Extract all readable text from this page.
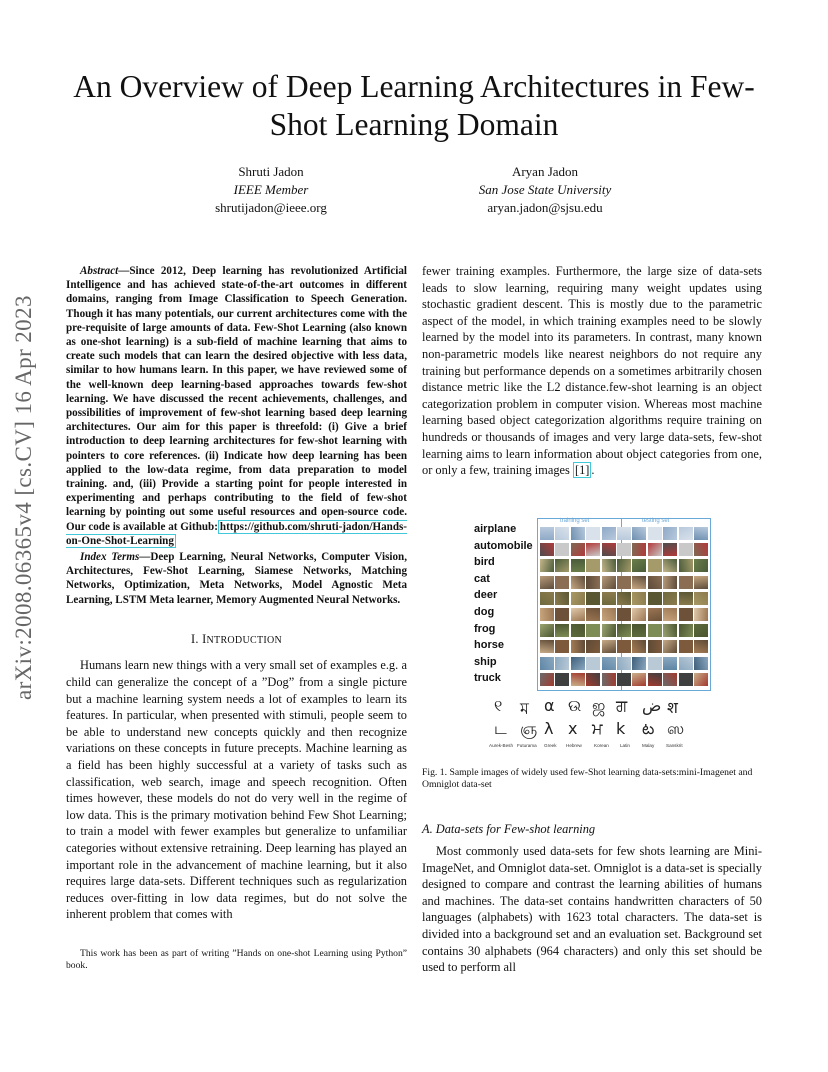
arXiv:2008.06365v4 [cs.CV] 16 Apr 2023
An Overview of Deep Learning Architectures in Few-Shot Learning Domain
Shruti Jadon
IEEE Member
shrutijadon@ieee.org
Aryan Jadon
San Jose State University
aryan.jadon@sjsu.edu

Abstract—Since 2012, Deep learning has revolutionized Artificial Intelligence and has achieved state-of-the-art outcomes in different domains, ranging from Image Classification to Speech Generation. Though it has many potentials, our current architectures come with the pre-requisite of large amounts of data. Few-Shot Learning (also known as one-shot learning) is a sub-field of machine learning that aims to create such models that can learn the desired objective with less data, similar to how humans learn. In this paper, we have reviewed some of the well-known deep learning-based approaches towards few-shot learning. We have discussed the recent achievements, challenges, and possibilities of improvement of few-shot learning based deep learning architectures. Our aim for this paper is threefold: (i) Give a brief introduction to deep learning architectures for few-shot learning with pointers to core references. (ii) Indicate how deep learning has been applied to the low-data regime, from data preparation to model training. and, (iii) Provide a starting point for people interested in experimenting and perhaps contributing to the field of few-shot learning by pointing out some useful resources and open-source code. Our code is available at Github: https://github.com/shruti-jadon/Hands-on-One-Shot-Learning

Index Terms—Deep Learning, Neural Networks, Computer Vision, Architectures, Few-Shot Learning, Siamese Networks, Matching Networks, Optimization, Meta Networks, Model Agnostic Meta Learning, LSTM Meta learner, Memory Augmented Neural Networks.

I. INTRODUCTION

Humans learn new things with a very small set of examples e.g. a child can generalize the concept of a ”Dog” from a single picture but a machine learning system needs a lot of examples to learn its features. In particular, when presented with stimuli, people seem to be able to understand new concepts quickly and then recognize variations on these concepts in future precepts. Machine learning as a field has been highly successful at a variety of tasks such as classification, web search, image and speech recognition. Often times however, these models do not do very well in the regime of low data. This is the primary motivation behind Few Shot Learning; to train a model with fewer examples but generalize to unfamiliar categories without extensive retraining. Deep learning has played an important role in the advancement of machine learning, but it also requires large data-sets. Different techniques such as regularization reduces over-fitting in low data regimes, but do not solve the inherent problem that comes with

This work has been as part of writing ”Hands on one-shot Learning using Python” book.

fewer training examples. Furthermore, the large size of data-sets leads to slow learning, requiring many weight updates using stochastic gradient descent. This is mostly due to the parametric aspect of the model, in which training examples need to be slowly learned by the model into its parameters. In contrast, many known non-parametric models like nearest neighbors do not require any training but performance depends on a sometimes arbitrarily chosen distance metric like the L2 distance.few-shot learning is an object categorization problem in computer vision. Whereas most machine learning based object categorization algorithms require training on hundreds or thousands of images and very large data-sets, few-shot learning aims to learn information about object categories from one, or only a few, training images [1] .

airplane
automobile
bird
cat
deer
dog
frog
horse
ship
truck
training set	testing set
୧ ম α ଉ ஜ ਗ ض श
ட ஞ λ х ਮ k ట ஸ
Aurek-Besh Futurama Greek Hebrew	Korean Latin	Malay	Sanskrit
Fig. 1. Sample images of widely used few-Shot learning data-sets:mini-Imagenet and Omniglot data-set
A. Data-sets for Few-shot learning

Most commonly used data-sets for few shots learning are Mini-ImageNet, and Omniglot data-set. Omniglot is a data-set is specially designed to compare and contrast the learning abilities of humans and machines. The data-set contains handwritten characters of 50 languages (alphabets) with 1623 total characters. The data-set is divided into a background set and an evaluation set. Background set contains 30 alphabets (964 characters) and only this set should be used to perform all
